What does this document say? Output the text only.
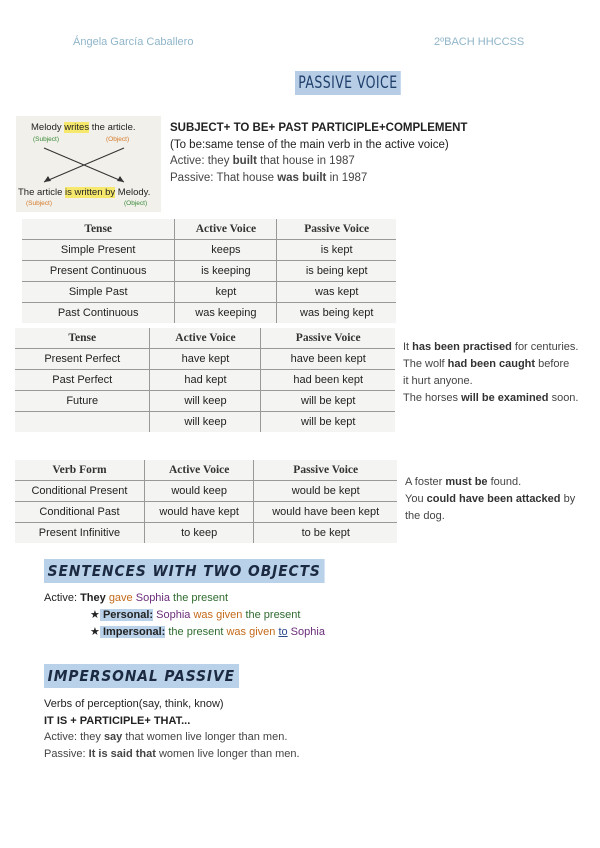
Ángela García Caballero	2ºBACH HHCCSS
PASSIVE VOICE
Melody writes the article.
(Subject)	(Object)
The article is written by Melody.
(Subject)	(Object)
SUBJECT+ TO BE+ PAST PARTICIPLE+COMPLEMENT
(To be:same tense of the main verb in the active voice)
Active: they built that house in 1987
Passive: That house was built in 1987
Tense	Active Voice	Passive Voice
Simple Present	keeps	is kept
Present Continuous	is keeping	is being kept
Simple Past	kept	was kept
Past Continuous	was keeping	was being kept
Tense	Active Voice	Passive Voice
Present Perfect	have kept	have been kept
Past Perfect	had kept	had been kept
Future	will keep	will be kept
	will keep	will be kept
It has been practised for centuries.
The wolf had been caught before
it hurt anyone.
The horses will be examined soon.
Verb Form	Active Voice	Passive Voice
Conditional Present	would keep	would be kept
Conditional Past	would have kept	would have been kept
Present Infinitive	to keep	to be kept
A foster must be found.
You could have been attacked by
the dog.
SENTENCES WITH TWO OBJECTS
Active: They gave Sophia the present
★ Personal: Sophia was given the present
★ Impersonal: the present was given to Sophia
IMPERSONAL PASSIVE
Verbs of perception(say, think, know)
IT IS + PARTICIPLE+ THAT...
Active: they say that women live longer than men.
Passive: It is said that women live longer than men.
